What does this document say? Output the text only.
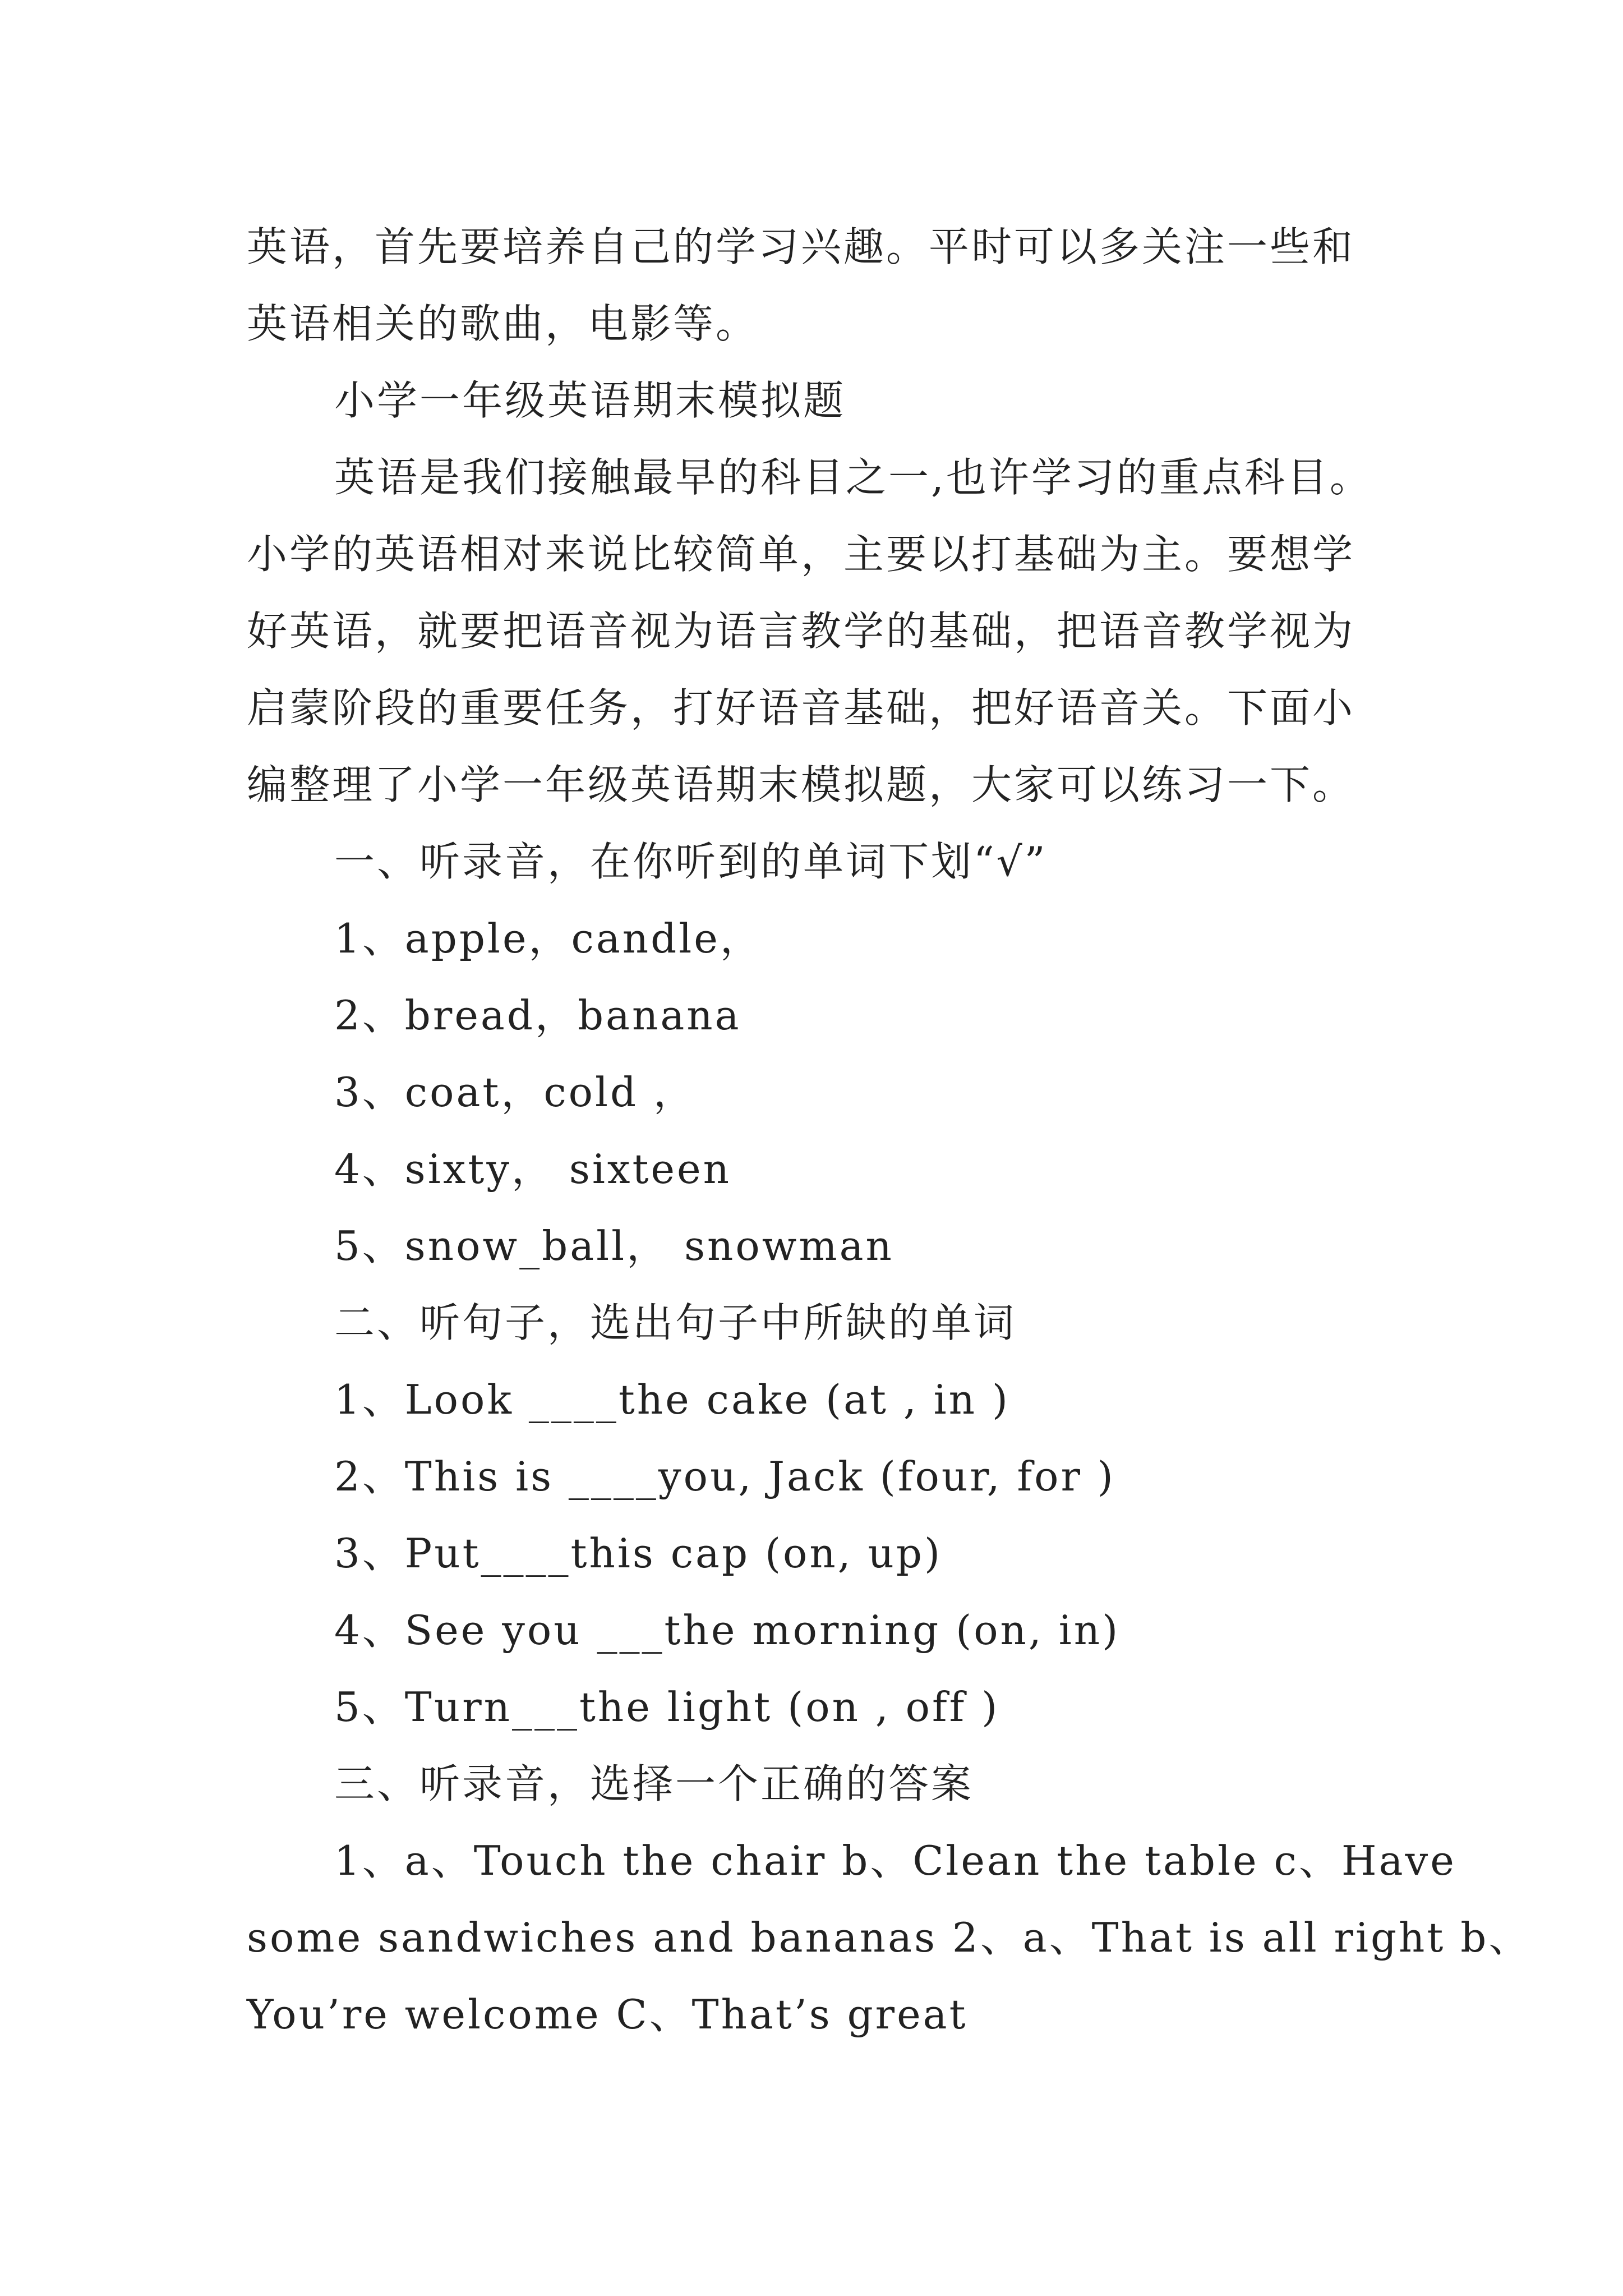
英语，首先要培养自己的学习兴趣。平时可以多关注一些和
英语相关的歌曲，电影等。
小学一年级英语期末模拟题
英语是我们接触最早的科目之一,也许学习的重点科目。
小学的英语相对来说比较简单，主要以打基础为主。要想学
好英语，就要把语音视为语言教学的基础，把语音教学视为
启蒙阶段的重要任务，打好语音基础，把好语音关。下面小
编整理了小学一年级英语期末模拟题，大家可以练习一下。
一、听录音，在你听到的单词下划“√”
1、apple，candle，
2、bread，banana
3、coat，cold ，
4、sixty， sixteen
5、snow_ball， snowman
二、听句子，选出句子中所缺的单词
1、Look ____the cake (at , in )
2、This is ____you, Jack (four, for )
3、Put____this cap (on, up)
4、See you ___the morning (on, in)
5、Turn___the light (on , off )
三、听录音，选择一个正确的答案
1、a、Touch the chair b、Clean the table c、Have
some sandwiches and bananas 2、a、That is all right b、
You’re welcome C、That’s great
